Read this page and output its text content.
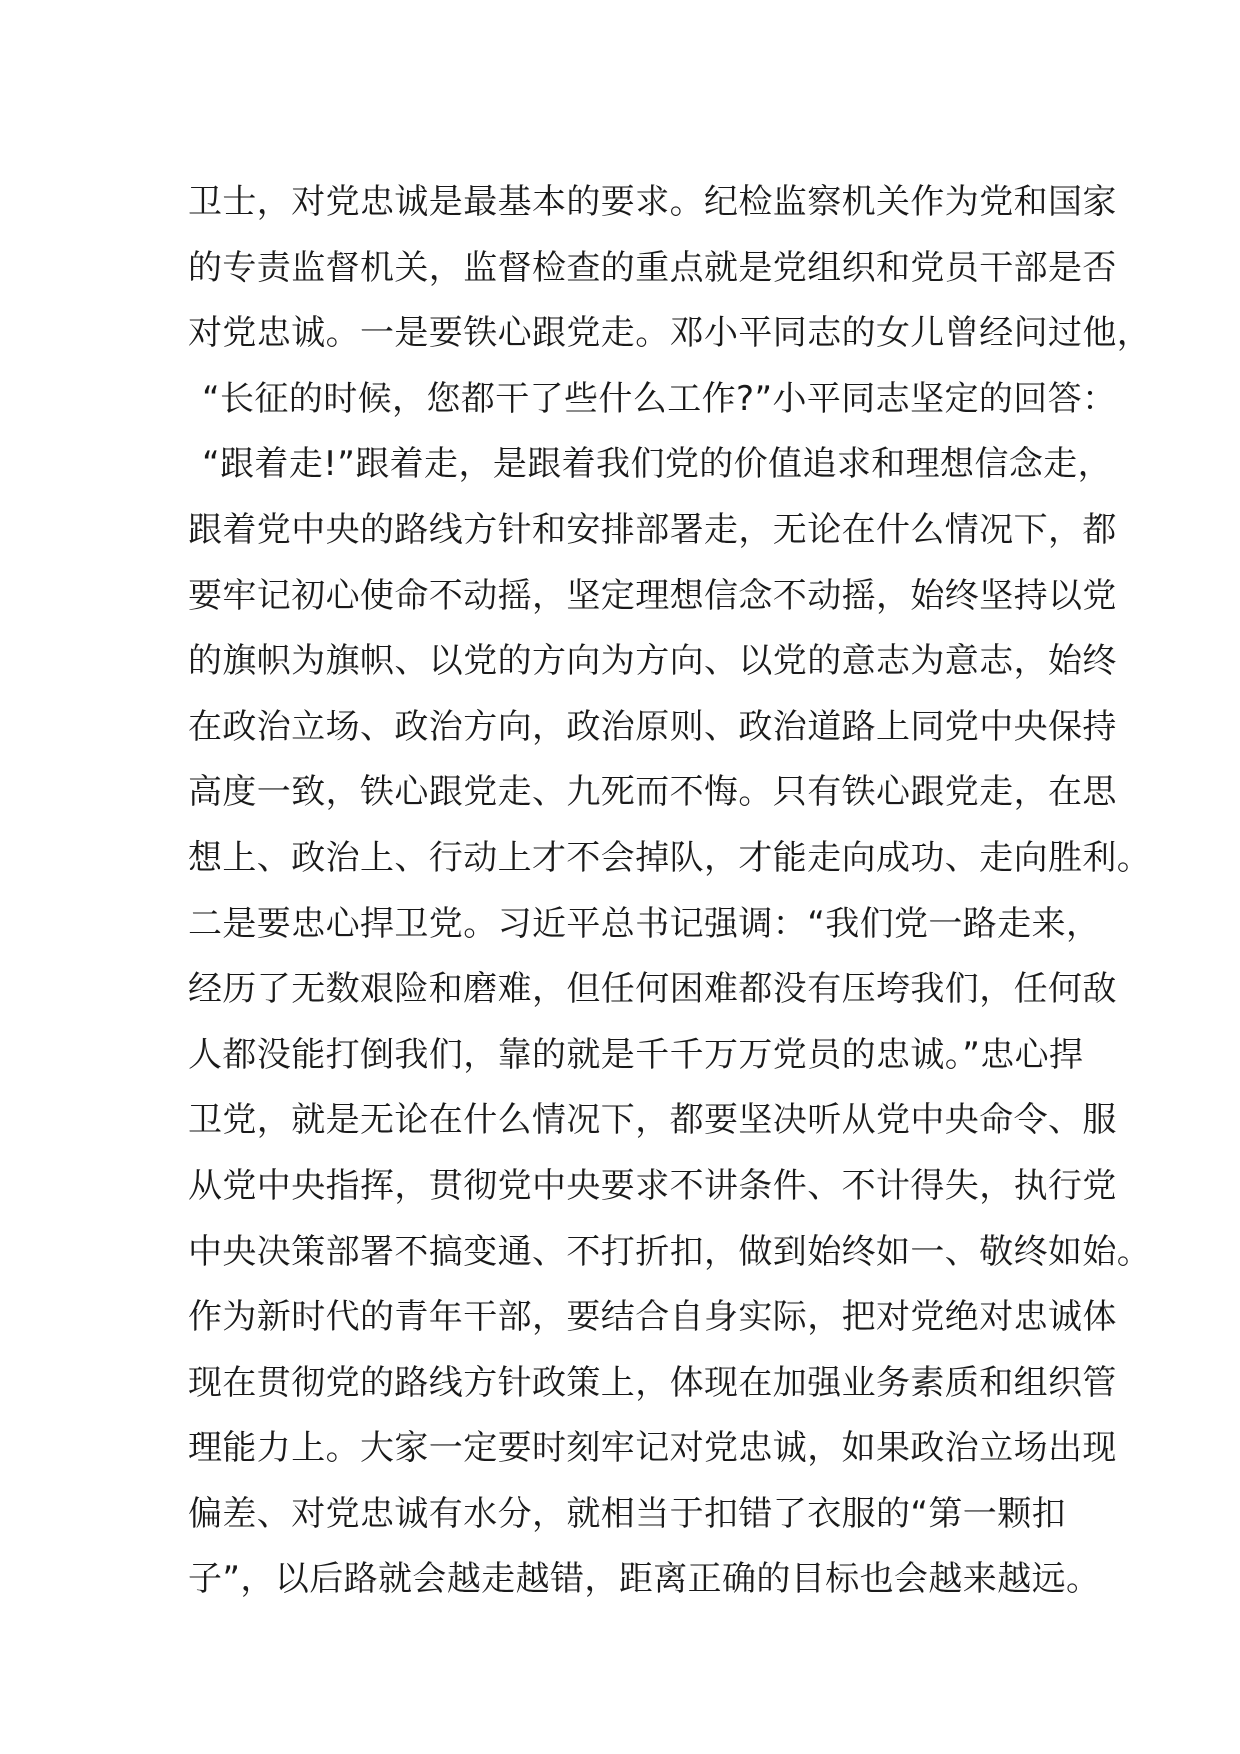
卫士，对党忠诚是最基本的要求。纪检监察机关作为党和国家
的专责监督机关，监督检查的重点就是党组织和党员干部是否
对党忠诚。一是要铁心跟党走。邓小平同志的女儿曾经问过他，
“长征的时候，您都干了些什么工作?”小平同志坚定的回答：
“跟着走!”跟着走，是跟着我们党的价值追求和理想信念走，
跟着党中央的路线方针和安排部署走，无论在什么情况下，都
要牢记初心使命不动摇，坚定理想信念不动摇，始终坚持以党
的旗帜为旗帜、以党的方向为方向、以党的意志为意志，始终
在政治立场、政治方向，政治原则、政治道路上同党中央保持
高度一致，铁心跟党走、九死而不悔。只有铁心跟党走，在思
想上、政治上、行动上才不会掉队，才能走向成功、走向胜利。
二是要忠心捍卫党。习近平总书记强调：“我们党一路走来，
经历了无数艰险和磨难，但任何困难都没有压垮我们，任何敌
人都没能打倒我们，靠的就是千千万万党员的忠诚。”忠心捍
卫党，就是无论在什么情况下，都要坚决听从党中央命令、服
从党中央指挥，贯彻党中央要求不讲条件、不计得失，执行党
中央决策部署不搞变通、不打折扣，做到始终如一、敬终如始。
作为新时代的青年干部，要结合自身实际，把对党绝对忠诚体
现在贯彻党的路线方针政策上，体现在加强业务素质和组织管
理能力上。大家一定要时刻牢记对党忠诚，如果政治立场出现
偏差、对党忠诚有水分，就相当于扣错了衣服的“第一颗扣
子”，以后路就会越走越错，距离正确的目标也会越来越远。
